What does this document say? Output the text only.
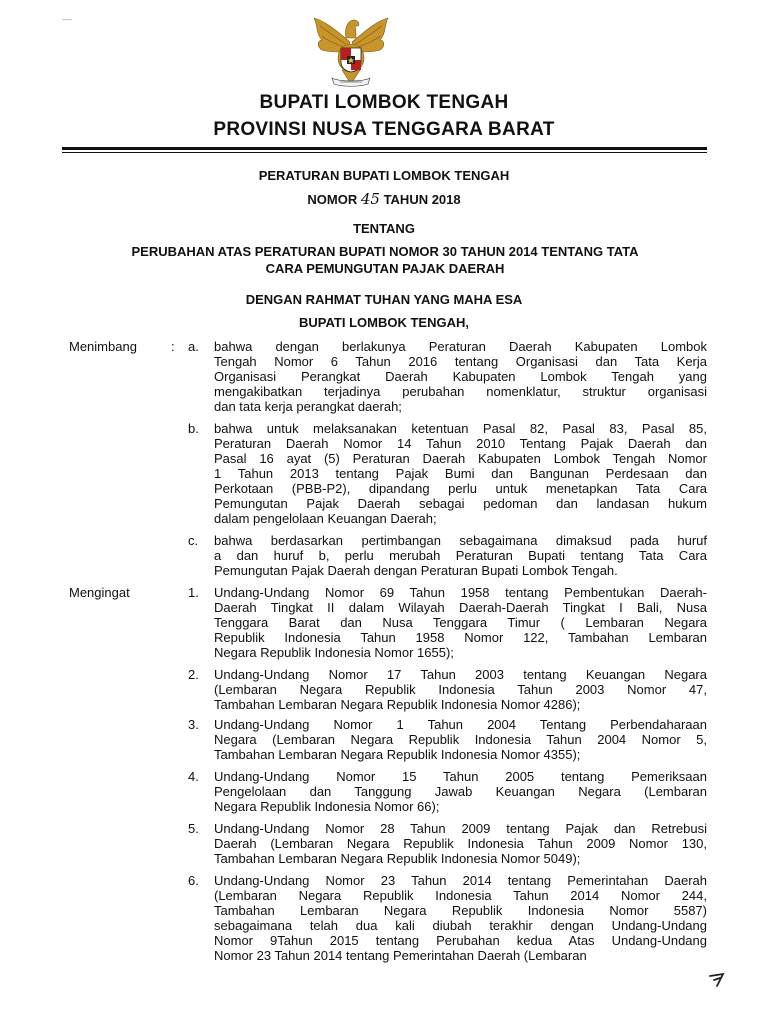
––
BUPATI LOMBOK TENGAH
PROVINSI NUSA TENGGARA BARAT
PERATURAN BUPATI LOMBOK TENGAH
NOMOR 45 TAHUN 2018
TENTANG
PERUBAHAN ATAS PERATURAN BUPATI NOMOR 30 TAHUN 2014 TENTANG TATA
CARA PEMUNGUTAN PAJAK DAERAH
DENGAN RAHMAT TUHAN YANG MAHA ESA
BUPATI LOMBOK TENGAH,
Menimbang	: a. bahwa dengan berlakunya Peraturan Daerah Kabupaten Lombok
Tengah Nomor 6 Tahun 2016 tentang Organisasi dan Tata Kerja
Organisasi Perangkat Daerah Kabupaten Lombok Tengah yang
mengakibatkan terjadinya perubahan nomenklatur, struktur organisasi
dan tata kerja perangkat daerah;
b. bahwa untuk melaksanakan ketentuan Pasal 82, Pasal 83, Pasal 85,
Peraturan Daerah Nomor 14 Tahun 2010 Tentang Pajak Daerah dan
Pasal 16 ayat (5) Peraturan Daerah Kabupaten Lombok Tengah Nomor
1 Tahun 2013 tentang Pajak Bumi dan Bangunan Perdesaan dan
Perkotaan (PBB-P2), dipandang perlu untuk menetapkan Tata Cara
Pemungutan Pajak Daerah sebagai pedoman dan landasan hukum
dalam pengelolaan Keuangan Daerah;
c. bahwa berdasarkan pertimbangan sebagaimana dimaksud pada huruf
a dan huruf b, perlu merubah Peraturan Bupati tentang Tata Cara
Pemungutan Pajak Daerah dengan Peraturan Bupati Lombok Tengah.
Mengingat	1. Undang-Undang Nomor 69 Tahun 1958 tentang Pembentukan Daerah-
Daerah Tingkat II dalam Wilayah Daerah-Daerah Tingkat I Bali, Nusa
Tenggara Barat dan Nusa Tenggara Timur ( Lembaran Negara
Republik Indonesia Tahun 1958 Nomor 122, Tambahan Lembaran
Negara Republik Indonesia Nomor 1655);
2. Undang-Undang Nomor 17 Tahun 2003 tentang Keuangan Negara
(Lembaran Negara Republik Indonesia Tahun 2003 Nomor 47,
Tambahan Lembaran Negara Republik Indonesia Nomor 4286);
3. Undang-Undang Nomor 1 Tahun 2004 Tentang Perbendaharaan
Negara (Lembaran Negara Republik Indonesia Tahun 2004 Nomor 5,
Tambahan Lembaran Negara Republik Indonesia Nomor 4355);
4. Undang-Undang Nomor 15 Tahun 2005 tentang Pemeriksaan
Pengelolaan dan Tanggung Jawab Keuangan Negara (Lembaran
Negara Republik Indonesia Nomor 66);
5. Undang-Undang Nomor 28 Tahun 2009 tentang Pajak dan Retrebusi
Daerah (Lembaran Negara Republik Indonesia Tahun 2009 Nomor 130,
Tambahan Lembaran Negara Republik Indonesia Nomor 5049);
6. Undang-Undang Nomor 23 Tahun 2014 tentang Pemerintahan Daerah
(Lembaran Negara Republik Indonesia Tahun 2014 Nomor 244,
Tambahan Lembaran Negara Republik Indonesia Nomor 5587)
sebagaimana telah dua kali diubah terakhir dengan Undang-Undang
Nomor 9Tahun 2015 tentang Perubahan kedua Atas Undang-Undang
Nomor 23 Tahun 2014 tentang Pemerintahan Daerah (Lembaran
